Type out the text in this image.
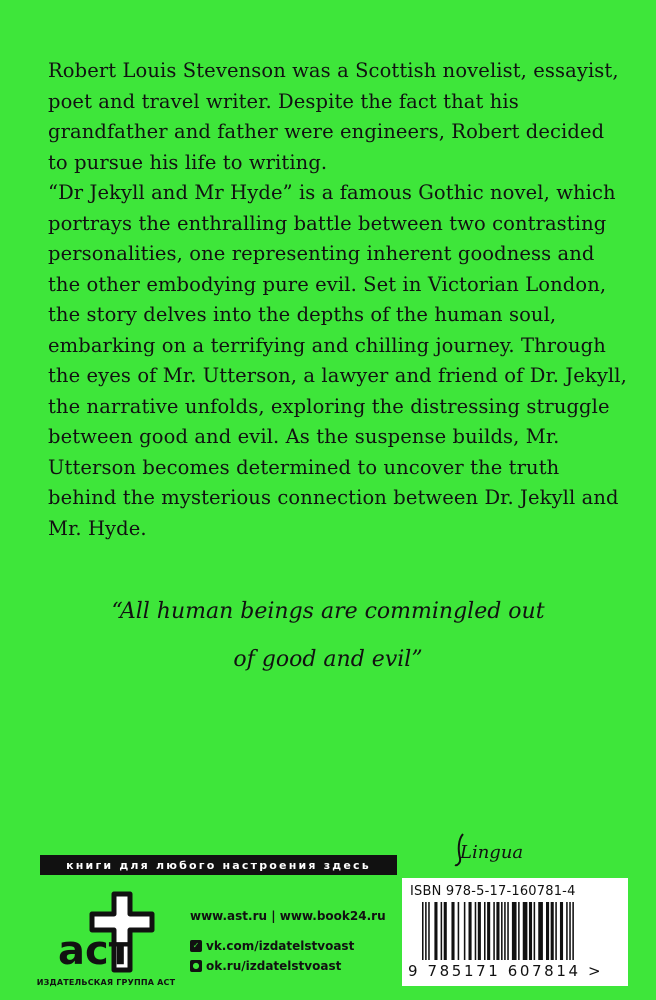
Robert Louis Stevenson was a Scottish novelist, essayist, poet and travel writer. Despite the fact that his grandfather and father were engineers, Robert decided to pursue his life to writing.

“Dr Jekyll and Mr Hyde” is a famous Gothic novel, which portrays the enthralling battle between two contrasting personalities, one representing inherent goodness and the other embodying pure evil. Set in Victorian London, the story delves into the depths of the human soul, embarking on a terrifying and chilling journey. Through the eyes of Mr. Utterson, a lawyer and friend of Dr. Jekyll, the narrative unfolds, exploring the distressing struggle between good and evil. As the suspense builds, Mr. Utterson becomes determined to uncover the truth behind the mysterious connection between Dr. Jekyll and Mr. Hyde.

“All human beings are commingled out
of good and evil”
книги для любого настроения здесь
Lingua
ISBN 978-5-17-160781-4
9 785171 607814 >
аст
ИЗДАТЕЛЬСКАЯ ГРУППА АСТ
www.ast.ru | www.book24.ru
✓ vk.com/izdatelstvoast
● ok.ru/izdatelstvoast
